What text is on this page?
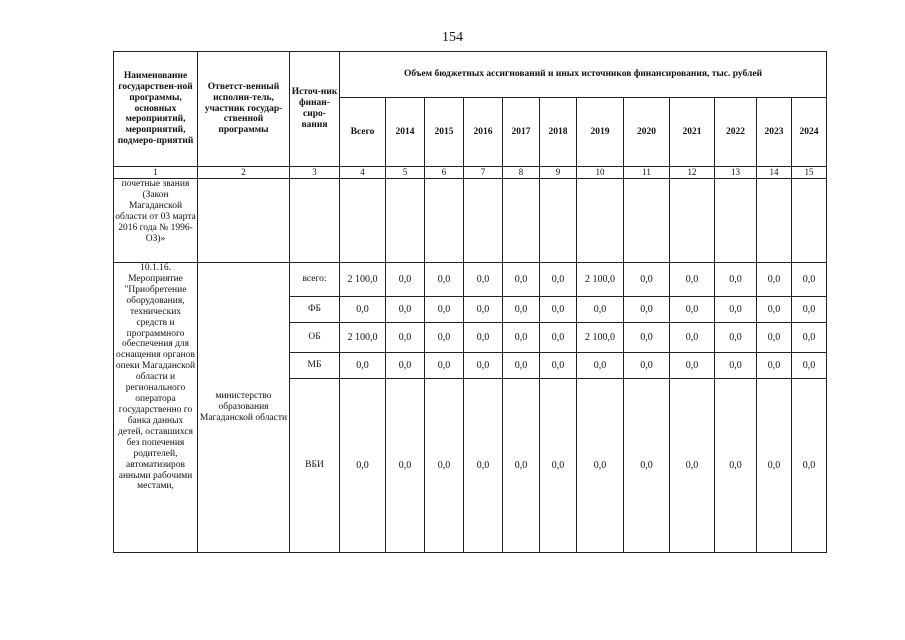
154
Наименование государствен-ной программы, основных мероприятий, мероприятий, подмеро-приятий	Ответст-венный исполни-тель, участник государ-ственной программы	Источ-ник финан-сиро-вания	Объем бюджетных ассигнований и иных источников финансирования, тыс. рублей											
			Всего	2014	2015	2016	2017	2018	2019	2020	2021	2022	2023	2024
1	2	3	4	5	6	7	8	9	10	11	12	13	14	15
почетные звания (Закон Магаданской области от 03 марта 2016 года № 1996-ОЗ)»														
10.1.16. Мероприятие "Приобретение оборудования, технических средств и программного обеспечения для оснащения органов опеки Магаданской области и регионального оператора государственно го банка данных детей, оставшихся без попечения родителей, автоматизиров анными рабочими местами,	министерство образования Магаданской области	всего:	2 100,0	0,0	0,0	0,0	0,0	0,0	2 100,0	0,0	0,0	0,0	0,0	0,0
		ФБ	0,0	0,0	0,0	0,0	0,0	0,0	0,0	0,0	0,0	0,0	0,0	0,0
		ОБ	2 100,0	0,0	0,0	0,0	0,0	0,0	2 100,0	0,0	0,0	0,0	0,0	0,0
		МБ	0,0	0,0	0,0	0,0	0,0	0,0	0,0	0,0	0,0	0,0	0,0	0,0
		ВБИ	0,0	0,0	0,0	0,0	0,0	0,0	0,0	0,0	0,0	0,0	0,0	0,0
